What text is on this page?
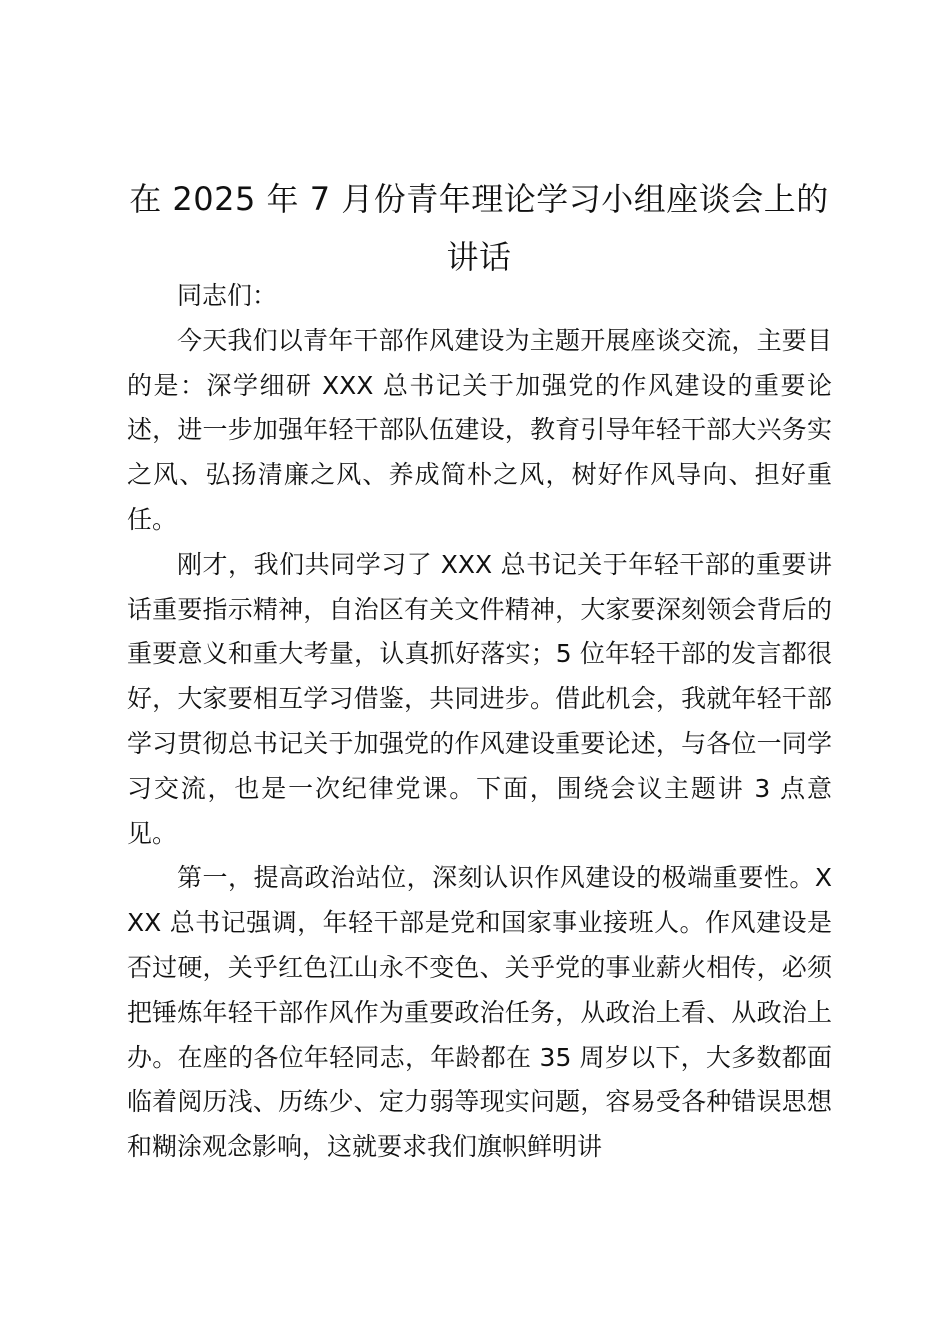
在 2025 年 7 月份青年理论学习小组座谈会上的讲话

同志们：

今天我们以青年干部作风建设为主题开展座谈交流，主要目的是：深学细研 XXX 总书记关于加强党的作风建设的重要论述，进一步加强年轻干部队伍建设，教育引导年轻干部大兴务实之风、弘扬清廉之风、养成简朴之风，树好作风导向、担好重任。

刚才，我们共同学习了 XXX 总书记关于年轻干部的重要讲话重要指示精神，自治区有关文件精神，大家要深刻领会背后的重要意义和重大考量，认真抓好落实；5 位年轻干部的发言都很好，大家要相互学习借鉴，共同进步。借此机会，我就年轻干部学习贯彻总书记关于加强党的作风建设重要论述，与各位一同学习交流，也是一次纪律党课。下面，围绕会议主题讲 3 点意见。

第一，提高政治站位，深刻认识作风建设的极端重要性。XXX 总书记强调，年轻干部是党和国家事业接班人。作风建设是否过硬，关乎红色江山永不变色、关乎党的事业薪火相传，必须把锤炼年轻干部作风作为重要政治任务，从政治上看、从政治上办。在座的各位年轻同志，年龄都在 35 周岁以下，大多数都面临着阅历浅、历练少、定力弱等现实问题，容易受各种错误思想和糊涂观念影响，这就要求我们旗帜鲜明讲
